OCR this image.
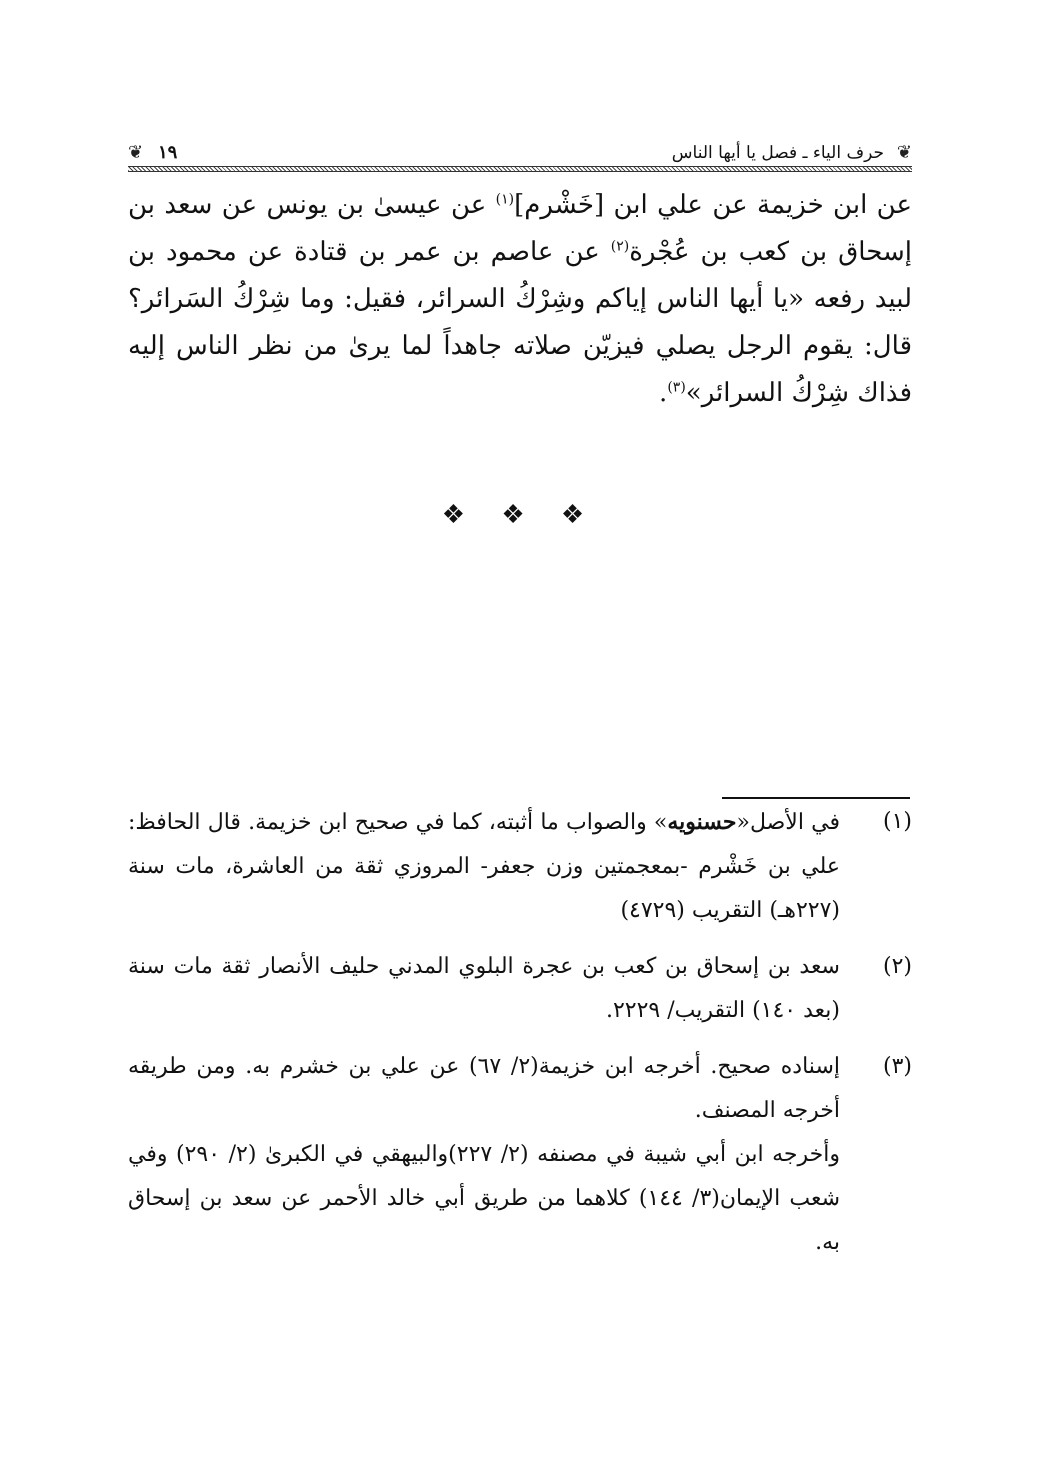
❦
حرف الياء ـ فصل يا أيها الناس
١٩
❦

عن ابن خزيمة عن علي ابن [خَشْرم]$^{(١)}$ عن عيسىٰ بن يونس عن سعد بن إسحاق بن كعب بن عُجْرة$^{(٢)}$ عن عاصم بن عمر بن قتادة عن محمود بن لبيد رفعه «يا أيها الناس إياكم وشِرْكُ السرائر، فقيل: وما شِرْكُ السَرائر؟ قال: يقوم الرجل يصلي فيزيّن صلاته جاهداً لما يرىٰ من نظر الناس إليه فذاك شِرْكُ السرائر»$^{(٣)}$.

❖ ❖ ❖
(١)

في الأصل«حسنويه» والصواب ما أثبته، كما في صحيح ابن خزيمة. قال الحافظ: علي بن خَشْرم -بمعجمتين وزن جعفر- المروزي ثقة من العاشرة، مات سنة (٢٢٧هـ) التقريب (٤٧٢٩)

(٢)

سعد بن إسحاق بن كعب بن عجرة البلوي المدني حليف الأنصار ثقة مات سنة (بعد ١٤٠) التقريب/ ٢٢٢٩.

(٣)

إسناده صحيح. أخرجه ابن خزيمة(٢/ ٦٧) عن علي بن خشرم به. ومن طريقه أخرجه المصنف.

وأخرجه ابن أبي شيبة في مصنفه (٢/ ٢٢٧)والبيهقي في الكبرىٰ (٢/ ٢٩٠) وفي شعب الإيمان(٣/ ١٤٤) كلاهما من طريق أبي خالد الأحمر عن سعد بن إسحاق به.
